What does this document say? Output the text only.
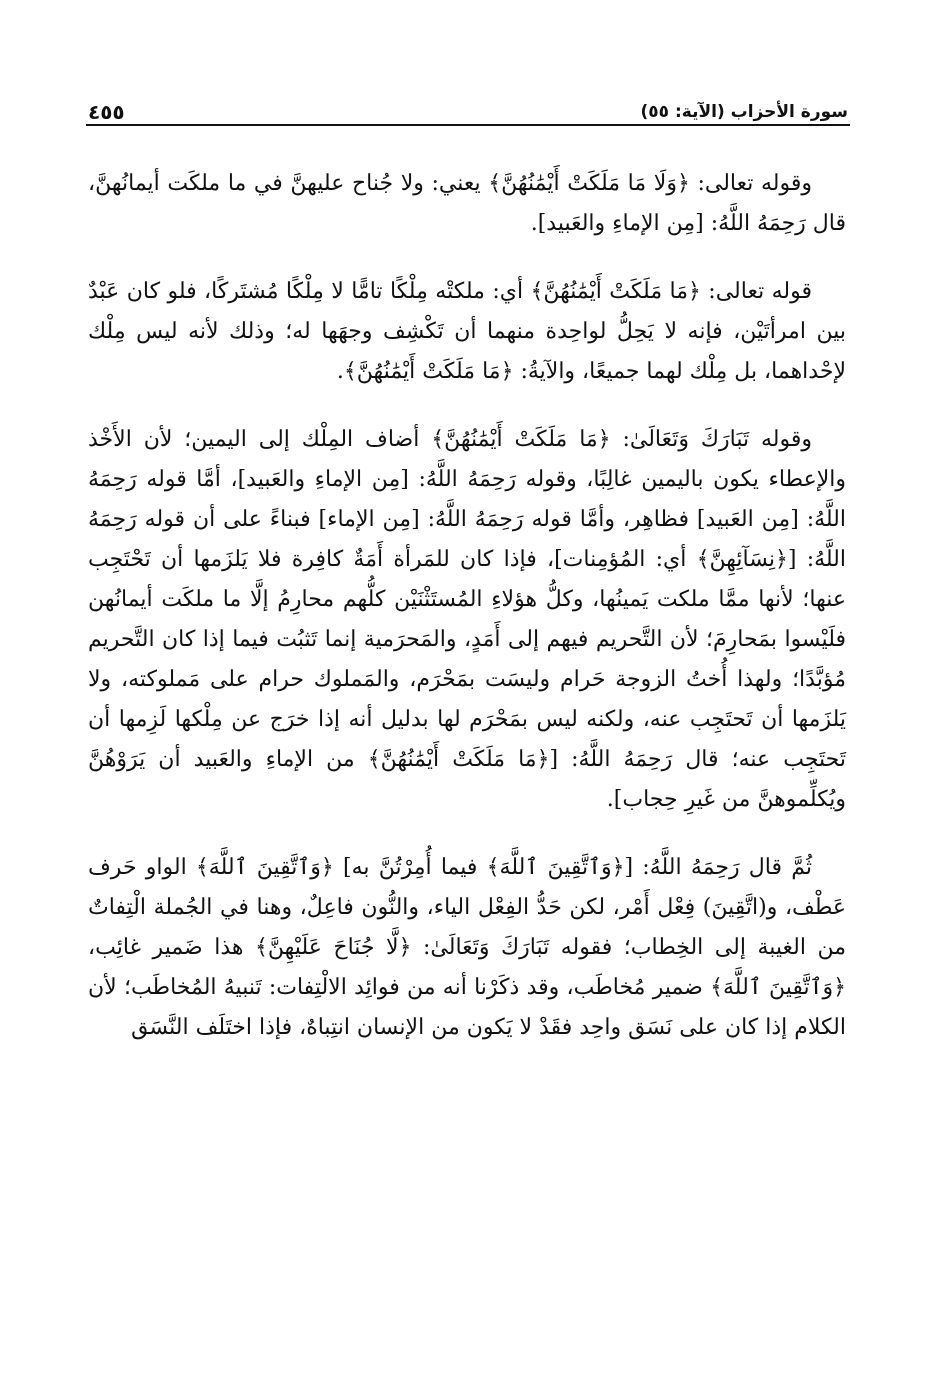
سورة الأحزاب (الآية: ٥٥)
٤٥٥

وقوله تعالى: ﴿وَلَا مَا مَلَكَتْ أَيْمَٰنُهُنَّ﴾ يعني: ولا جُناح عليهنَّ في ما ملكَت أيمانُهنَّ، قال رَحِمَهُ اللَّهُ: [مِن الإماءِ والعَبيد].

قوله تعالى: ﴿مَا مَلَكَتْ أَيْمَٰنُهُنَّ﴾ أي: ملكتْه مِلْكًا تامًّا لا مِلْكًا مُشتَركًا، فلو كان عَبْدٌ بين امرأتَيْن، فإنه لا يَحِلُّ لواحِدة منهما أن تَكْشِف وجهَها له؛ وذلك لأنه ليس مِلْك لإحْداهما، بل مِلْك لهما جميعًا، والآيةُ: ﴿مَا مَلَكَتْ أَيْمَٰنُهُنَّ﴾.

وقوله تَبَارَكَ وَتَعَالَىٰ: ﴿مَا مَلَكَتْ أَيْمَٰنُهُنَّ﴾ أضاف المِلْك إلى اليمين؛ لأن الأَخْذ والإعطاء يكون باليمين غالِبًا، وقوله رَحِمَهُ اللَّهُ: [مِن الإماءِ والعَبيد]، أمَّا قوله رَحِمَهُ اللَّهُ: [مِن العَبيد] فظاهِر، وأمَّا قوله رَحِمَهُ اللَّهُ: [مِن الإماء] فبناءً على أن قوله رَحِمَهُ اللَّهُ: [﴿نِسَآئِهِنَّ﴾ أي: المُؤمِنات]، فإذا كان للمَرأة أَمَةٌ كافِرة فلا يَلزَمها أن تَحْتَجِب عنها؛ لأنها ممَّا ملكت يَمينُها، وكلُّ هؤلاءِ المُستَثْنَيْن كلُّهم محارِمُ إلَّا ما ملكَت أيمانُهن فلَيْسوا بمَحارِمَ؛ لأن التَّحريم فيهم إلى أَمَدٍ، والمَحرَمية إنما تَثبُت فيما إذا كان التَّحريم مُؤبَّدًا؛ ولهذا أُختُ الزوجة حَرام وليسَت بمَحْرَم، والمَملوك حرام على مَملوكته، ولا يَلزَمها أن تَحتَجِب عنه، ولكنه ليس بمَحْرَم لها بدليل أنه إذا خرَج عن مِلْكها لَزِمها أن تَحتَجِب عنه؛ قال رَحِمَهُ اللَّهُ: [﴿مَا مَلَكَتْ أَيْمَٰنُهُنَّ﴾ من الإماءِ والعَبيد أن يَرَوْهُنَّ ويُكلِّموهنَّ من غَيرِ حِجاب].

ثُمَّ قال رَحِمَهُ اللَّهُ: [﴿وَٱتَّقِينَ ٱللَّهَ﴾ فيما أُمِرْتُنَّ به] ﴿وَٱتَّقِينَ ٱللَّهَ﴾ الواو حَرف عَطْف، و(اتَّقِينَ) فِعْل أَمْر، لكن حَدُّ الفِعْل الياء، والنُّون فاعِلٌ، وهنا في الجُملة الْتِفاتٌ من الغيبة إلى الخِطاب؛ فقوله تَبَارَكَ وَتَعَالَىٰ: ﴿لَّا جُنَاحَ عَلَيْهِنَّ﴾ هذا ضَمير غائِب، ﴿وَٱتَّقِينَ ٱللَّهَ﴾ ضمير مُخاطَب، وقد ذكَرْنا أنه من فوائِد الالْتِفات: تَنبيهُ المُخاطَب؛ لأن الكلام إذا كان على نَسَق واحِد فقَدْ لا يَكون من الإنسان انتِباهٌ، فإذا اختَلَف النَّسَق
